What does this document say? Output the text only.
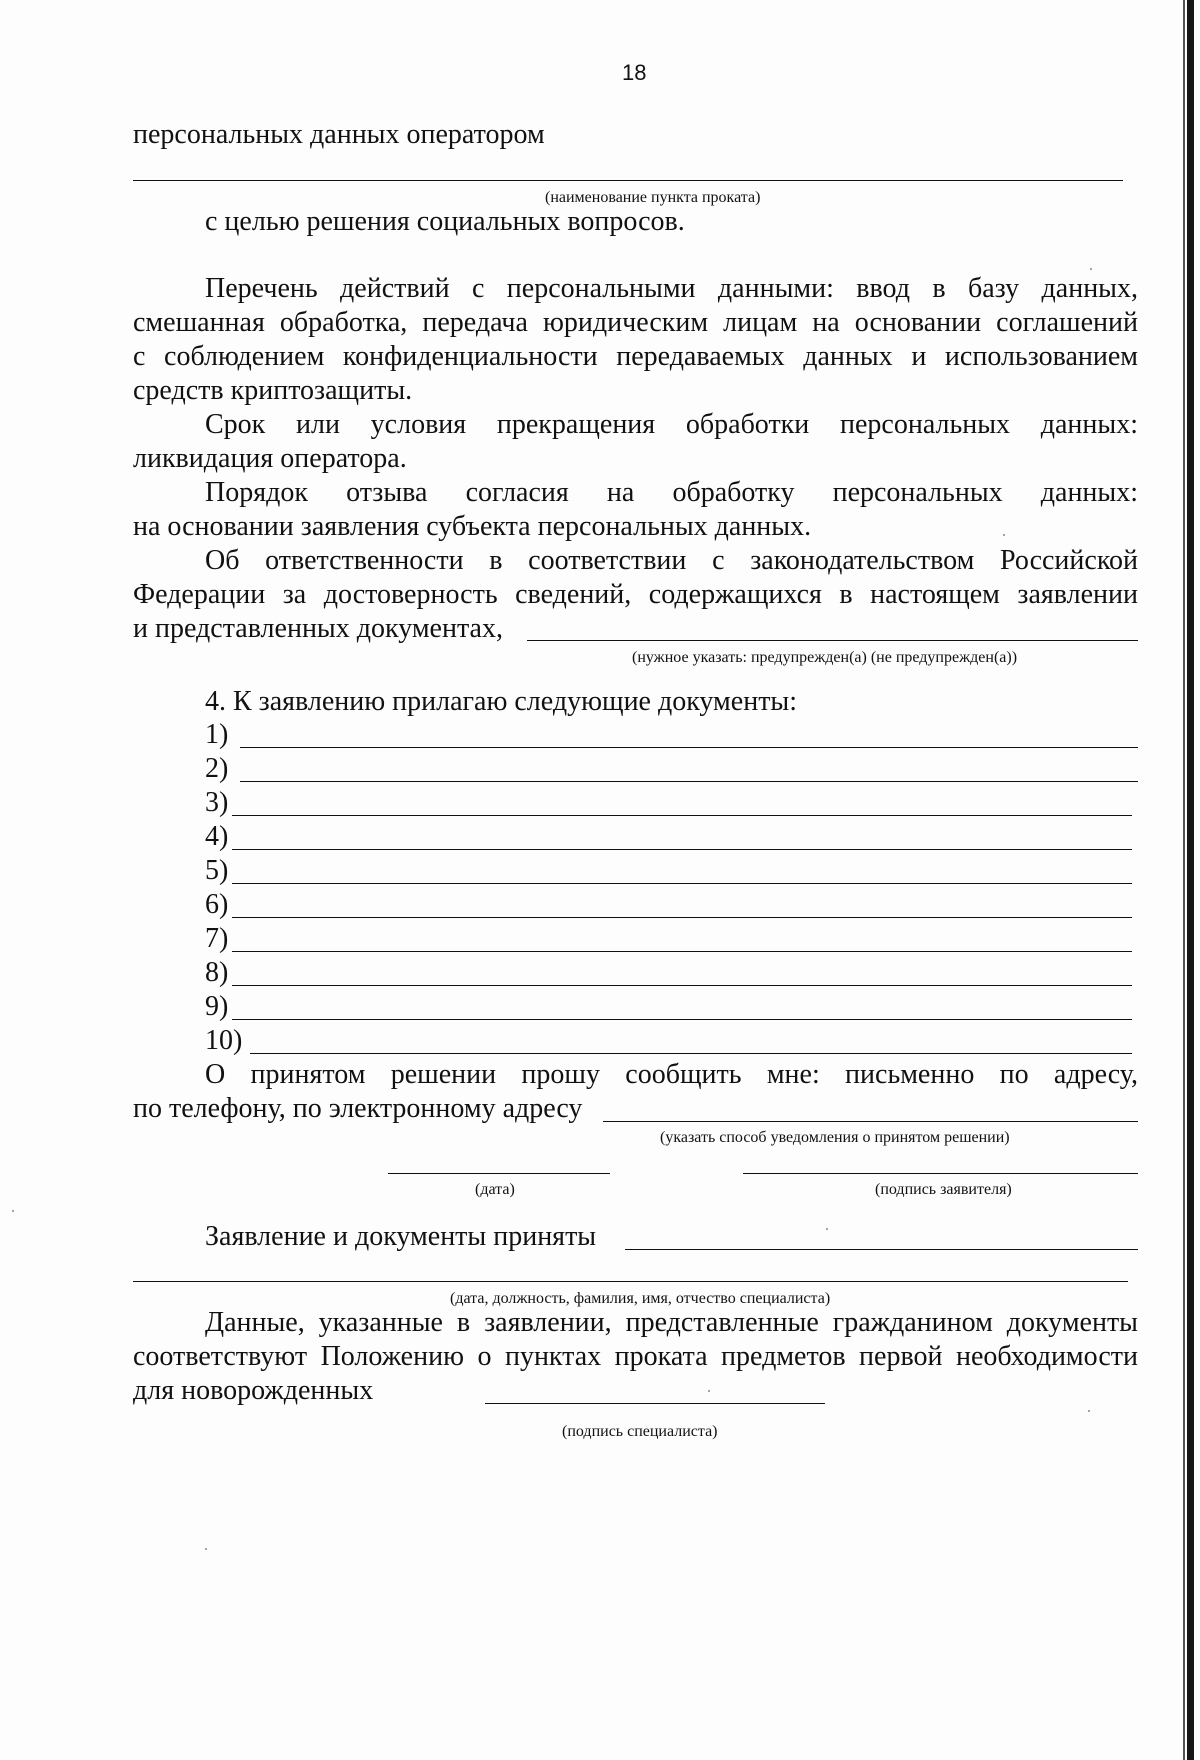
18
персональных данных оператором
(наименование пункта проката)
с целью решения социальных вопросов.
Перечень действий с персональными данными: ввод в базу данных,
смешанная обработка, передача юридическим лицам на основании соглашений
с соблюдением конфиденциальности передаваемых данных и использованием
средств криптозащиты.
Срок или условия прекращения обработки персональных данных:
ликвидация оператора.
Порядок отзыва согласия на обработку персональных данных:
на основании заявления субъекта персональных данных.
Об ответственности в соответствии с законодательством Российской
Федерации за достоверность сведений, содержащихся в настоящем заявлении
и представленных документах,
(нужное указать: предупрежден(а) (не предупрежден(а))
4. К заявлению прилагаю следующие документы:
1)
2)
3)
4)
5)
6)
7)
8)
9)
10)
О принятом решении прошу сообщить мне: письменно по адресу,
по телефону, по электронному адресу
(указать способ уведомления о принятом решении)
(дата)	(подпись заявителя)
Заявление и документы приняты
(дата, должность, фамилия, имя, отчество специалиста)
Данные, указанные в заявлении, представленные гражданином документы
соответствуют Положению о пунктах проката предметов первой необходимости
для новорожденных
(подпись специалиста)
